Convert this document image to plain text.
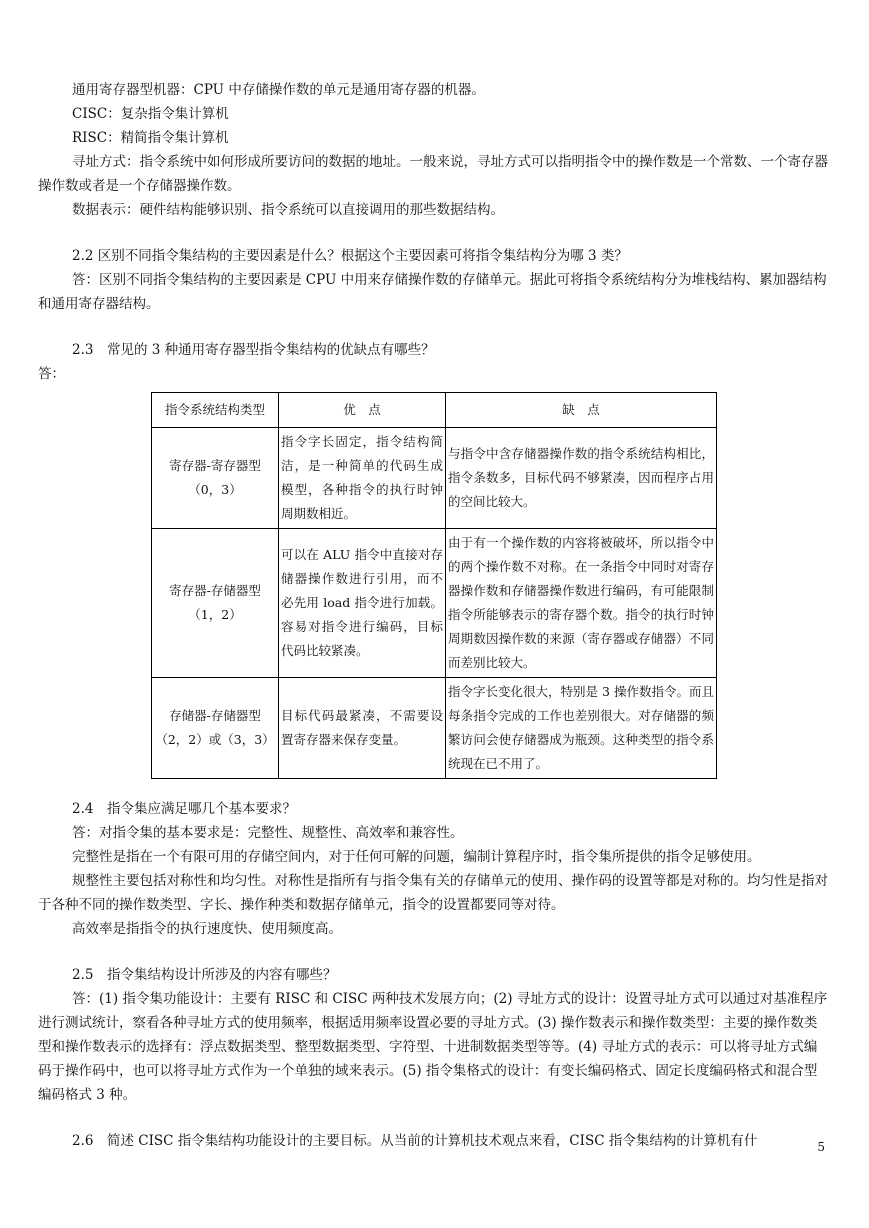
通用寄存器型机器：CPU 中存储操作数的单元是通用寄存器的机器。

CISC：复杂指令集计算机

RISC：精简指令集计算机

寻址方式：指令系统中如何形成所要访问的数据的地址。一般来说，寻址方式可以指明指令中的操作数是一个常数、一个寄存器操作数或者是一个存储器操作数。

数据表示：硬件结构能够识别、指令系统可以直接调用的那些数据结构。

2.2 区别不同指令集结构的主要因素是什么？根据这个主要因素可将指令集结构分为哪 3 类？

答：区别不同指令集结构的主要因素是 CPU 中用来存储操作数的存储单元。据此可将指令系统结构分为堆栈结构、累加器结构和通用寄存器结构。

2.3　常见的 3 种通用寄存器型指令集结构的优缺点有哪些？

答：

指令系统结构类型	优　点	缺　点

寄存器-寄存器型
（0，3）	指令字长固定，指令结构简洁，是一种简单的代码生成模型，各种指令的执行时钟周期数相近。	与指令中含存储器操作数的指令系统结构相比，指令条数多，目标代码不够紧凑，因而程序占用的空间比较大。

寄存器-存储器型
（1，2）	可以在 ALU 指令中直接对存储器操作数进行引用，而不必先用 load 指令进行加载。容易对指令进行编码，目标代码比较紧凑。	由于有一个操作数的内容将被破坏，所以指令中的两个操作数不对称。在一条指令中同时对寄存器操作数和存储器操作数进行编码，有可能限制指令所能够表示的寄存器个数。指令的执行时钟周期数因操作数的来源（寄存器或存储器）不同而差别比较大。

存储器-存储器型
（2，2）或（3，3）	目标代码最紧凑，不需要设置寄存器来保存变量。	指令字长变化很大，特别是 3 操作数指令。而且每条指令完成的工作也差别很大。对存储器的频繁访问会使存储器成为瓶颈。这种类型的指令系统现在已不用了。

2.4　指令集应满足哪几个基本要求？

答：对指令集的基本要求是：完整性、规整性、高效率和兼容性。

完整性是指在一个有限可用的存储空间内，对于任何可解的问题，编制计算程序时，指令集所提供的指令足够使用。

规整性主要包括对称性和均匀性。对称性是指所有与指令集有关的存储单元的使用、操作码的设置等都是对称的。均匀性是指对于各种不同的操作数类型、字长、操作种类和数据存储单元，指令的设置都要同等对待。

高效率是指指令的执行速度快、使用频度高。

2.5　指令集结构设计所涉及的内容有哪些？

答：(1) 指令集功能设计：主要有 RISC 和 CISC 两种技术发展方向；(2) 寻址方式的设计：设置寻址方式可以通过对基准程序进行测试统计，察看各种寻址方式的使用频率，根据适用频率设置必要的寻址方式。(3) 操作数表示和操作数类型：主要的操作数类型和操作数表示的选择有：浮点数据类型、整型数据类型、字符型、十进制数据类型等等。(4) 寻址方式的表示：可以将寻址方式编码于操作码中，也可以将寻址方式作为一个单独的域来表示。(5) 指令集格式的设计：有变长编码格式、固定长度编码格式和混合型编码格式 3 种。

2.6　简述 CISC 指令集结构功能设计的主要目标。从当前的计算机技术观点来看，CISC 指令集结构的计算机有什	5
